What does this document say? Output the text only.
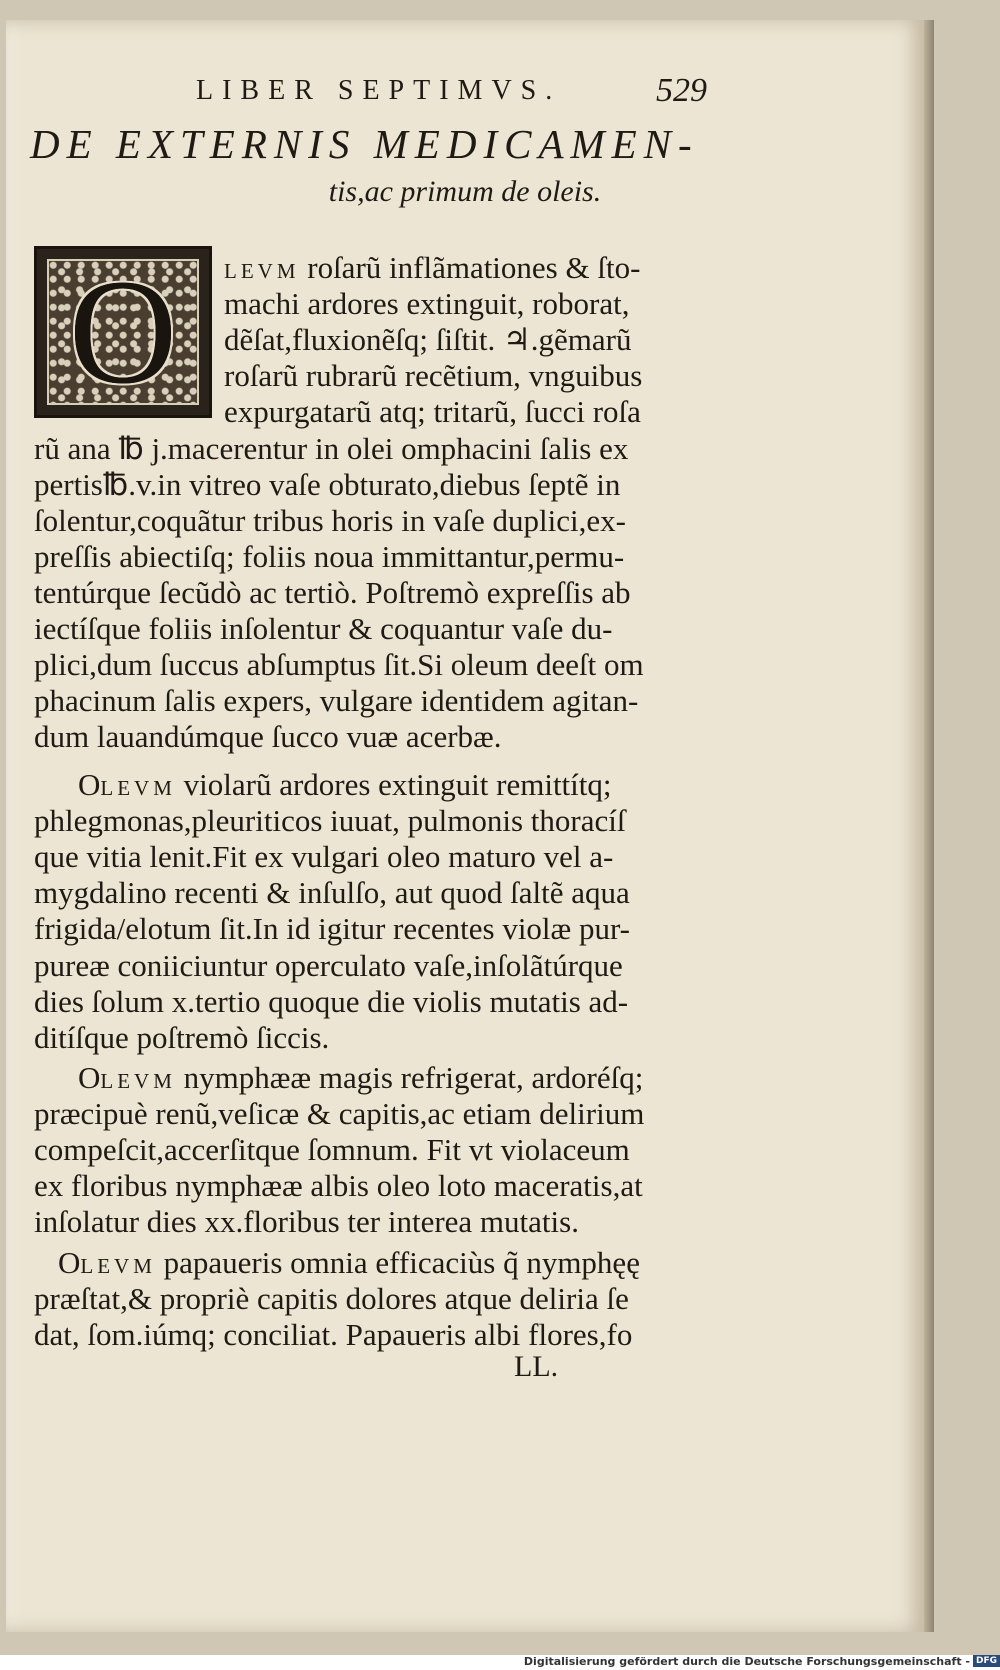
LIBER SEPTIMVS.	529
DE EXTERNIS MEDICAMEN-
tis,ac primum de oleis.
O LEVM roſarũ inflãmationes & ſto-
machi ardores extinguit, roborat,
dẽſat,fluxionẽſq; ſiſtit. ♃.gẽmarũ
roſarũ rubrarũ recẽtium, vnguibus
expurgatarũ atq; tritarũ, ſucci roſa
rũ ana ℔ j.macerentur in olei omphacini ſalis ex
pertis℔.v.in vitreo vaſe obturato,diebus ſeptẽ in
ſolentur,coquãtur tribus horis in vaſe duplici,ex-
preſſis abiectiſq; foliis noua immittantur,permu-
tentúrque ſecũdò ac tertiò. Poſtremò expreſſis ab
iectíſque foliis inſolentur & coquantur vaſe du-
plici,dum ſuccus abſumptus ſit.Si oleum deeſt om
phacinum ſalis expers, vulgare identidem agitan-
dum lauandúmque ſucco vuæ acerbæ.
OLEVM violarũ ardores extinguit remittítq;
phlegmonas,pleuriticos iuuat, pulmonis thoracíſ
que vitia lenit.Fit ex vulgari oleo maturo vel a-
mygdalino recenti & inſulſo, aut quod ſaltẽ aqua
frigida/elotum ſit.In id igitur recentes violæ pur-
pureæ coniiciuntur operculato vaſe,inſolãtúrque
dies ſolum x.tertio quoque die violis mutatis ad-
ditíſque poſtremò ſiccis.
OLEVM nymphææ magis refrigerat, ardoréſq;
præcipuè renũ,veſicæ & capitis,ac etiam delirium
compeſcit,accerſitque ſomnum. Fit vt violaceum
ex floribus nymphææ albis oleo loto maceratis,at
inſolatur dies xx.floribus ter interea mutatis.
OLEVM papaueris omnia efficaciùs q̃ nymphęę
præſtat,& propriè capitis dolores atque deliria ſe
dat, ſom.iúmq; conciliat. Papaueris albi flores,fo
LL.
Digitalisierung gefördert durch die Deutsche Forschungsgemeinschaft - DFG
